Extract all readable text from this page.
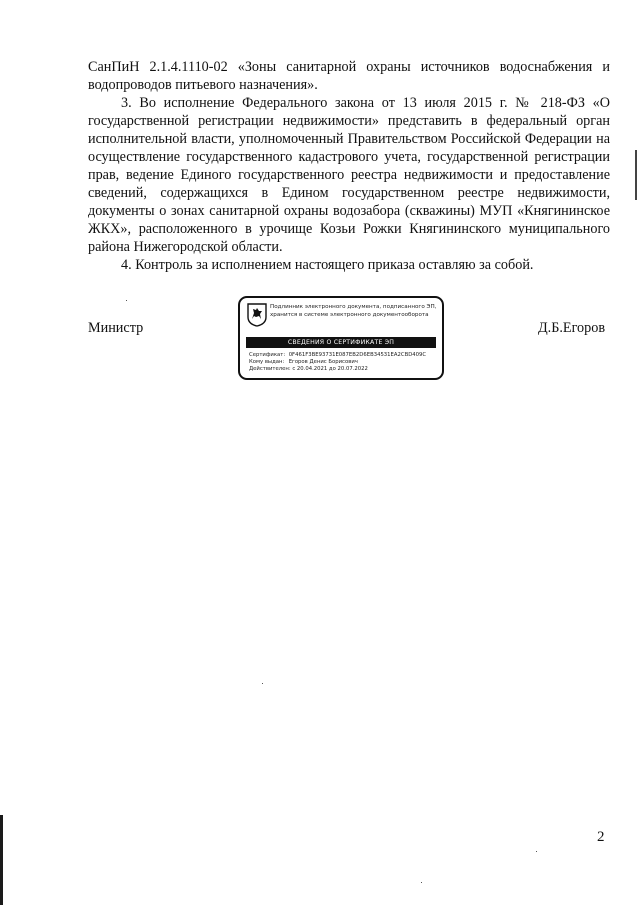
СанПиН 2.1.4.1110-02 «Зоны санитарной охраны источников водоснабжения и водопроводов питьевого назначения».

3. Во исполнение Федерального закона от 13 июля 2015 г. № 218-ФЗ «О государственной регистрации недвижимости» представить в федеральный орган исполнительной власти, уполномоченный Правительством Российской Федерации на осуществление государственного кадастрового учета, государственной регистрации прав, ведение Единого государственного реестра недвижимости и предоставление сведений, содержащихся в Едином государственном реестре недвижимости, документы о зонах санитарной охраны водозабора (скважины) МУП «Княгининское ЖКХ», расположенного в урочище Козьи Рожки Княгининского муниципального района Нижегородской области.

4. Контроль за исполнением настоящего приказа оставляю за собой.

Министр
Подлинник электронного документа, подписанного ЭП,
хранится в системе электронного документооборота
СВЕДЕНИЯ О СЕРТИФИКАТЕ ЭП
Сертификат: 0F461F3BE93731E087EB2D6EB34531EA2CBD409C
Кому выдан: Егоров Денис Борисович
Действителен: с 20.04.2021 до 20.07.2022
Д.Б.Егоров
2
